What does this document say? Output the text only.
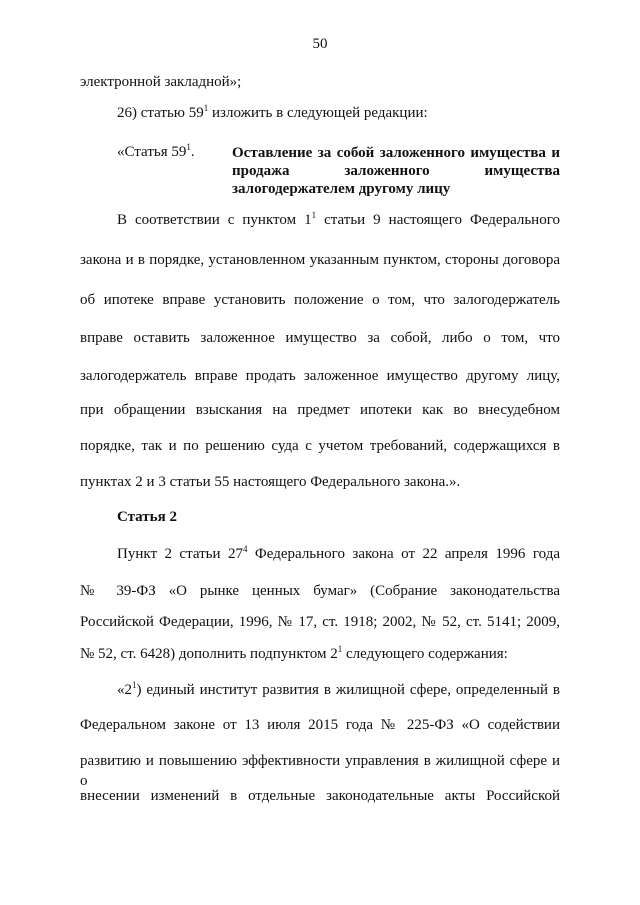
50
электронной закладной»;
26) статью $59^1$ изложить в следующей редакции:
«Статья $59^1$. Оставление за собой заложенного имущества и
продажа заложенного имущества
залогодержателем другому лицу
В соответствии с пунктом $1^1$ статьи 9 настоящего Федерального
закона и в порядке, установленном указанным пунктом, стороны договора
об ипотеке вправе установить положение о том, что залогодержатель
вправе оставить заложенное имущество за собой, либо о том, что
залогодержатель вправе продать заложенное имущество другому лицу,
при обращении взыскания на предмет ипотеки как во внесудебном
порядке, так и по решению суда с учетом требований, содержащихся в
пунктах 2 и 3 статьи 55 настоящего Федерального закона.».
Статья 2
Пункт 2 статьи $27^4$ Федерального закона от 22 апреля 1996 года
№ 39-ФЗ «О рынке ценных бумаг» (Собрание законодательства
Российской Федерации, 1996, № 17, ст. 1918; 2002, № 52, ст. 5141; 2009,
№ 52, ст. 6428) дополнить подпунктом $2^1$ следующего содержания:
«$2^1$) единый институт развития в жилищной сфере, определенный в
Федеральном законе от 13 июля 2015 года № 225-ФЗ «О содействии
развитию и повышению эффективности управления в жилищной сфере и о
внесении изменений в отдельные законодательные акты Российской
